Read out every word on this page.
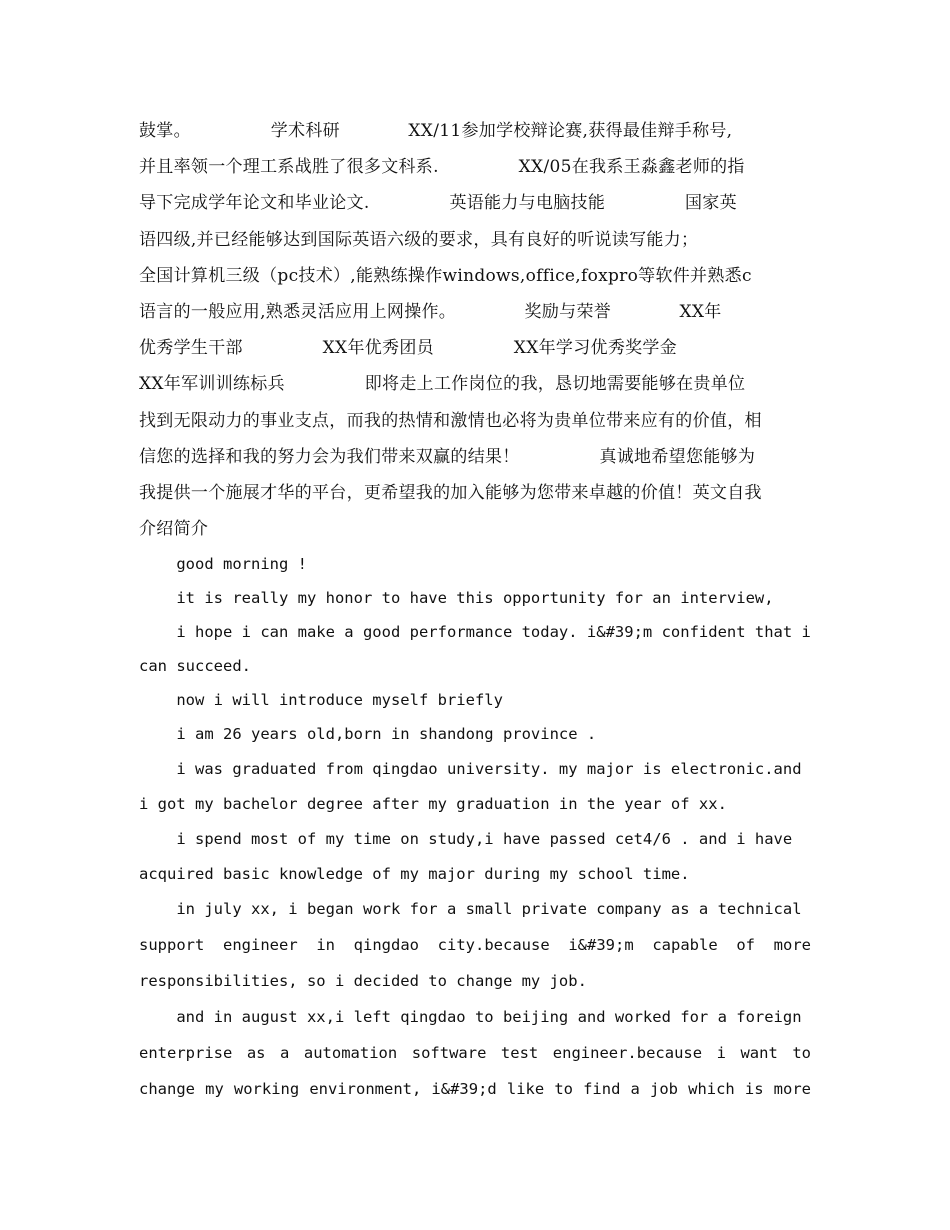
鼓掌。              学术科研            XX/11参加学校辩论赛,获得最佳辩手称号,
并且率领一个理工系战胜了很多文科系.              XX/05在我系王淼鑫老师的指
导下完成学年论文和毕业论文.              英语能力与电脑技能              国家英
语四级,并已经能够达到国际英语六级的要求，具有良好的听说读写能力；
全国计算机三级（pc技术）,能熟练操作windows,office,foxpro等软件并熟悉c
语言的一般应用,熟悉灵活应用上网操作。            奖励与荣誉            XX年
优秀学生干部              XX年优秀团员              XX年学习优秀奖学金
XX年军训训练标兵              即将走上工作岗位的我，恳切地需要能够在贵单位
找到无限动力的事业支点，而我的热情和激情也必将为贵单位带来应有的价值，相
信您的选择和我的努力会为我们带来双赢的结果！              真诚地希望您能够为
我提供一个施展才华的平台，更希望我的加入能够为您带来卓越的价值！英文自我
介绍简介
good morning !
it is really my honor to have this opportunity for an interview,
i hope i can make a good performance today. i&#39;m confident that i
can succeed.
now i will introduce myself briefly
i am 26 years old,born in shandong province .
i was graduated from qingdao university. my major is electronic.and
i got my bachelor degree after my graduation in the year of xx.
i spend most of my time on study,i have passed cet4/6 . and i have
acquired basic knowledge of my major during my school time.
in july xx, i began work for a small private company as a technical
support engineer in qingdao city.because i&#39;m capable of more
responsibilities, so i decided to change my job.
and in august xx,i left qingdao to beijing and worked for a foreign
enterprise as a automation software test engineer.because i want to
change my working environment, i&#39;d like to find a job which is more
